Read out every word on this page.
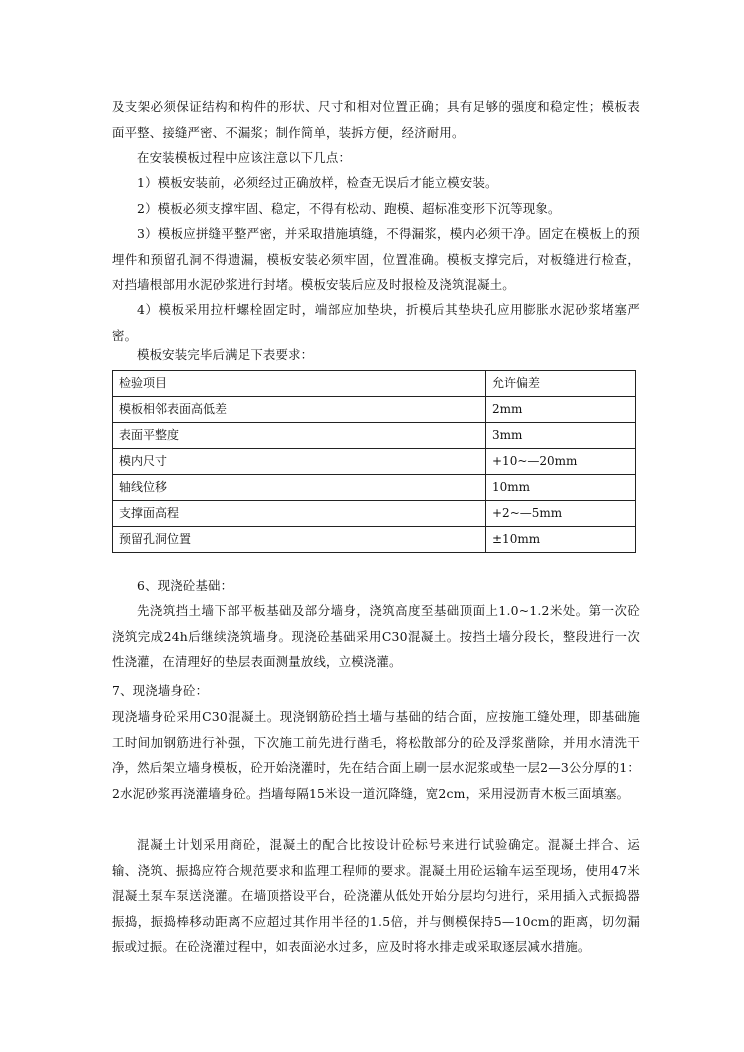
及支架必须保证结构和构件的形状、尺寸和相对位置正确；具有足够的强度和稳定性；模板表面平整、接缝严密、不漏浆；制作简单，装拆方便，经济耐用。

在安装模板过程中应该注意以下几点：

1）模板安装前，必须经过正确放样，检查无误后才能立模安装。

2）模板必须支撑牢固、稳定，不得有松动、跑模、超标准变形下沉等现象。

3）模板应拼缝平整严密，并采取措施填缝，不得漏浆，模内必须干净。固定在模板上的预埋件和预留孔洞不得遗漏，模板安装必须牢固，位置准确。模板支撑完后，对板缝进行检查，对挡墙根部用水泥砂浆进行封堵。模板安装后应及时报检及浇筑混凝土。

4）模板采用拉杆螺栓固定时，端部应加垫块，折模后其垫块孔应用膨胀水泥砂浆堵塞严密。

模板安装完毕后满足下表要求：

检验项目	允许偏差
模板相邻表面高低差	2mm
表面平整度	3mm
模内尺寸	+10~—20mm
轴线位移	10mm
支撑面高程	+2~—5mm
预留孔洞位置	±10mm

6、现浇砼基础：

先浇筑挡土墙下部平板基础及部分墙身，浇筑高度至基础顶面上1.0~1.2米处。第一次砼浇筑完成24h后继续浇筑墙身。现浇砼基础采用C30混凝土。按挡土墙分段长，整段进行一次性浇灌，在清理好的垫层表面测量放线，立模浇灌。

7、现浇墙身砼：

现浇墙身砼采用C30混凝土。现浇钢筋砼挡土墙与基础的结合面，应按施工缝处理，即基础施工时间加钢筋进行补强，下次施工前先进行凿毛，将松散部分的砼及浮浆凿除，并用水清洗干净，然后架立墙身模板，砼开始浇灌时，先在结合面上刷一层水泥浆或垫一层2—3公分厚的1：2水泥砂浆再浇灌墙身砼。挡墙每隔15米设一道沉降缝，宽2cm，采用浸沥青木板三面填塞。

混凝土计划采用商砼，混凝土的配合比按设计砼标号来进行试验确定。混凝土拌合、运输、浇筑、振捣应符合规范要求和监理工程师的要求。混凝土用砼运输车运至现场，使用47米混凝土泵车泵送浇灌。在墙顶搭设平台，砼浇灌从低处开始分层均匀进行，采用插入式振捣器振捣，振捣棒移动距离不应超过其作用半径的1.5倍，并与侧模保持5—10cm的距离，切勿漏振或过振。在砼浇灌过程中，如表面泌水过多，应及时将水排走或采取逐层减水措施。
